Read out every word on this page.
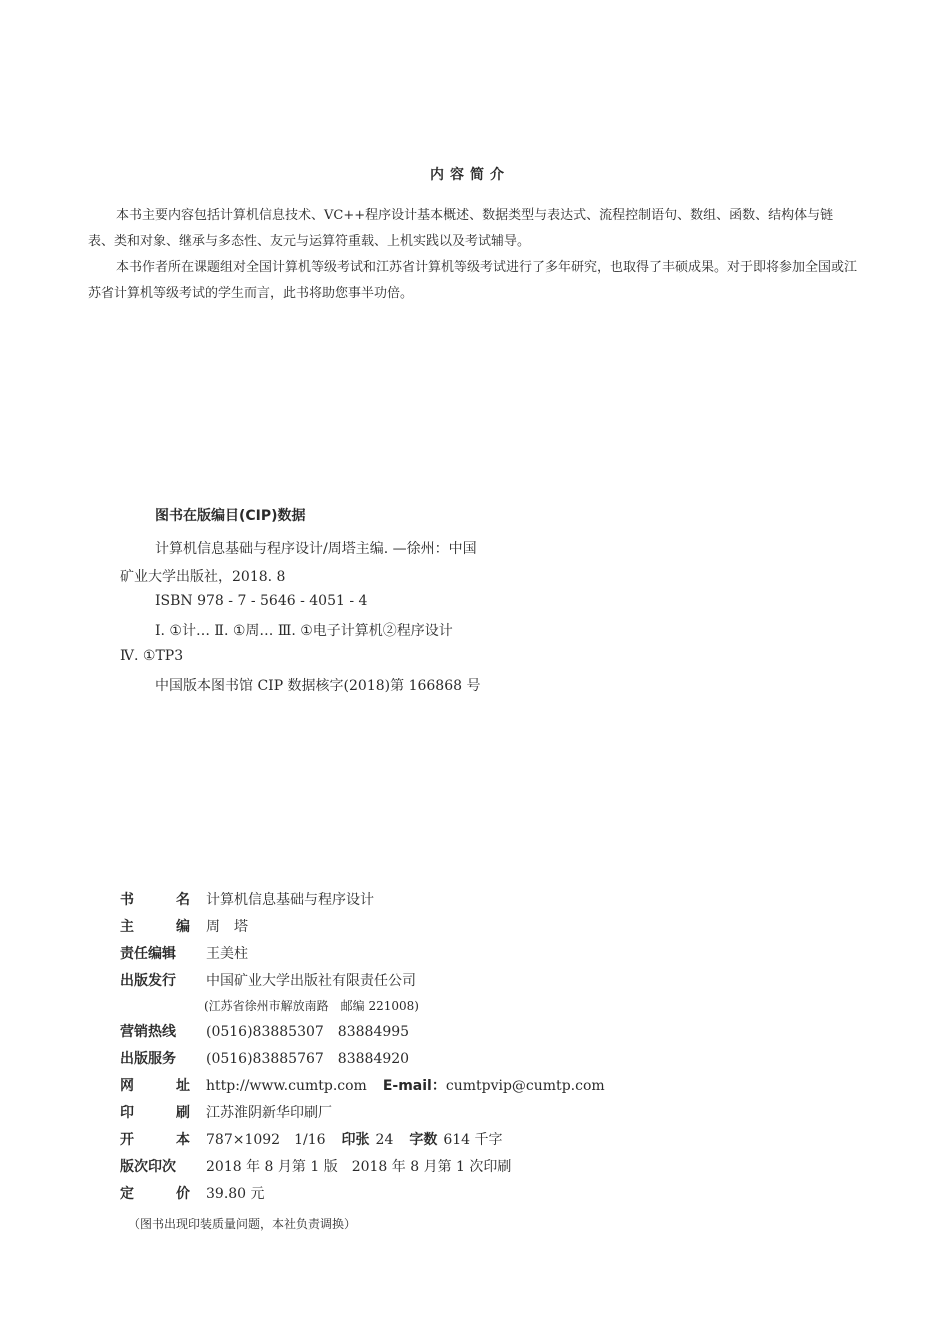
内容简介

本书主要内容包括计算机信息技术、VC++程序设计基本概述、数据类型与表达式、流程控制语句、数组、函数、结构体与链表、类和对象、继承与多态性、友元与运算符重载、上机实践以及考试辅导。

本书作者所在课题组对全国计算机等级考试和江苏省计算机等级考试进行了多年研究，也取得了丰硕成果。对于即将参加全国或江苏省计算机等级考试的学生而言，此书将助您事半功倍。

图书在版编目(CIP)数据
计算机信息基础与程序设计/周塔主编. —徐州：中国
矿业大学出版社，2018. 8
ISBN 978 - 7 - 5646 - 4051 - 4
Ⅰ. ①计… Ⅱ. ①周… Ⅲ. ①电子计算机②程序设计
Ⅳ. ①TP3
中国版本图书馆 CIP 数据核字(2018)第 166868 号
书	名 计算机信息基础与程序设计
主	编 周　塔
责任编辑	王美柱
出版发行	中国矿业大学出版社有限责任公司
(江苏省徐州市解放南路　邮编 221008)
营销热线	(0516)83885307　83884995
出版服务	(0516)83885767　83884920
网	址 http://www.cumtp.com E-mail： cumtpvip@cumtp.com
印	刷 江苏淮阴新华印刷厂
开	本 787×1092　1/16 印张 24 字数 614 千字
版次印次	2018 年 8 月第 1 版　2018 年 8 月第 1 次印刷
定	价 39.80 元
（图书出现印装质量问题，本社负责调换）
